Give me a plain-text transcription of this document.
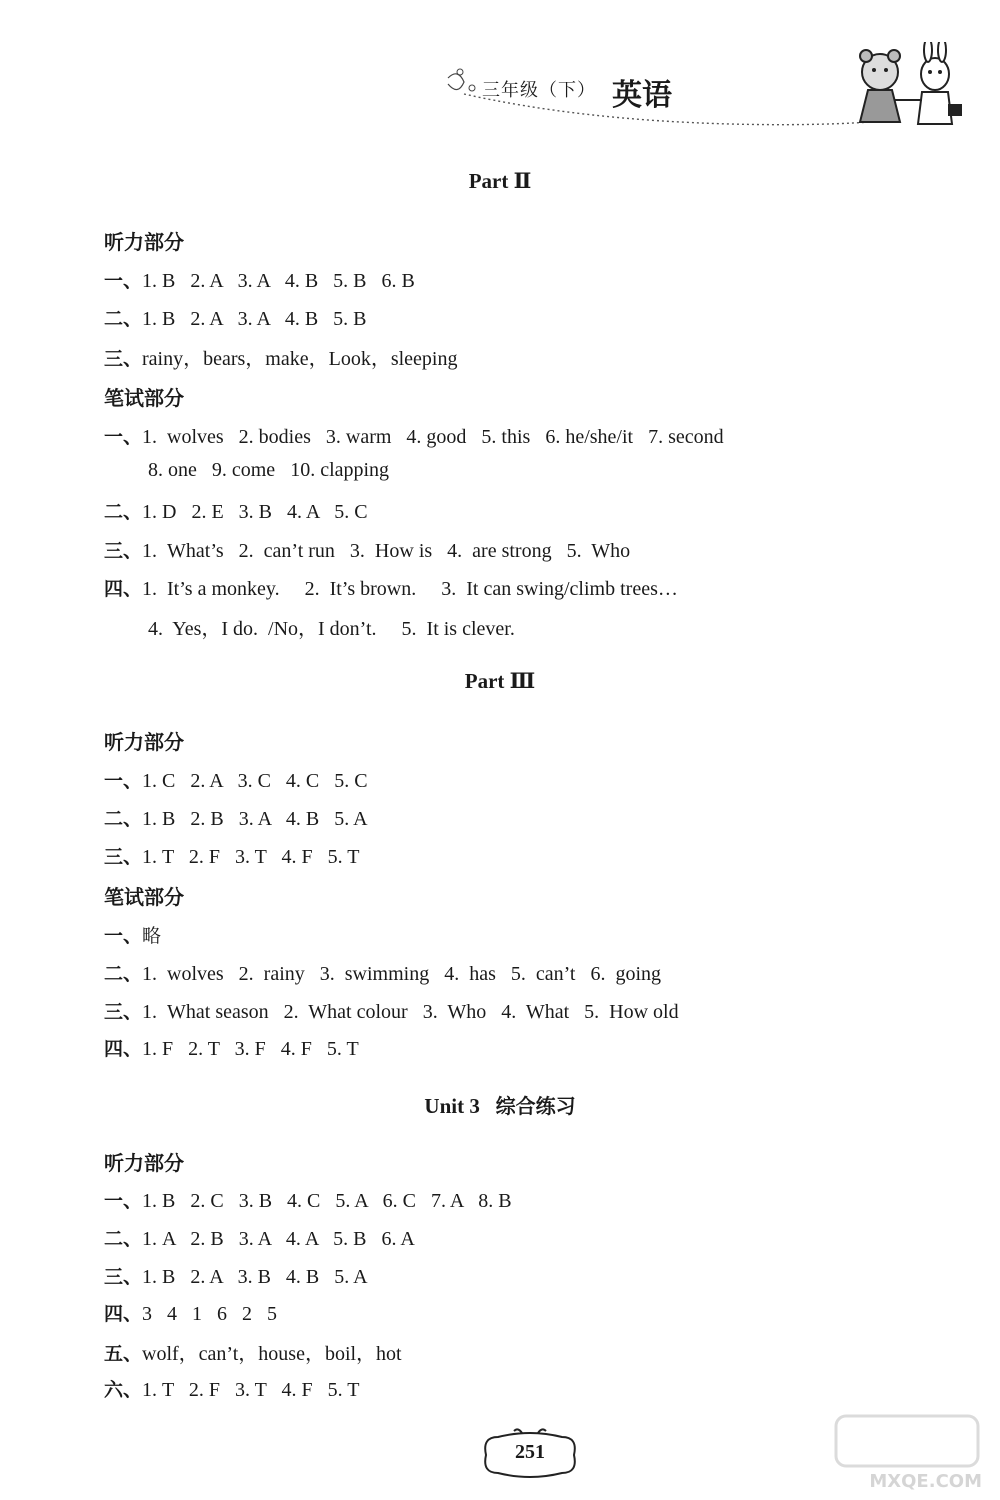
三年级（下） 英语
Part Ⅱ
听力部分
一、1. B   2. A   3. A   4. B   5. B   6. B
二、1. B   2. A   3. A   4. B   5. B
三、rainy，bears，make，Look，sleeping
笔试部分
一、1.  wolves   2. bodies   3. warm   4. good   5. this   6. he/she/it   7. second
8. one   9. come   10. clapping
二、1. D   2. E   3. B   4. A   5. C
三、1.  What’s   2.  can’t run   3.  How is   4.  are strong   5.  Who
四、1.  It’s a monkey.     2.  It’s brown.     3.  It can swing/climb trees…
4.  Yes，I do.  /No，I don’t.     5.  It is clever.
Part Ⅲ
听力部分
一、1. C   2. A   3. C   4. C   5. C
二、1. B   2. B   3. A   4. B   5. A
三、1. T   2. F   3. T   4. F   5. T
笔试部分
一、略
二、1.  wolves   2.  rainy   3.  swimming   4.  has   5.  can’t   6.  going
三、1.  What season   2.  What colour   3.  Who   4.  What   5.  How old
四、1. F   2. T   3. F   4. F   5. T
Unit 3 综合练习
听力部分
一、1. B   2. C   3. B   4. C   5. A   6. C   7. A   8. B
二、1. A   2. B   3. A   4. A   5. B   6. A
三、1. B   2. A   3. B   4. B   5. A
四、3   4   1   6   2   5
五、wolf，can’t，house，boil，hot
六、1. T   2. F   3. T   4. F   5. T
251
MXQE.COM
